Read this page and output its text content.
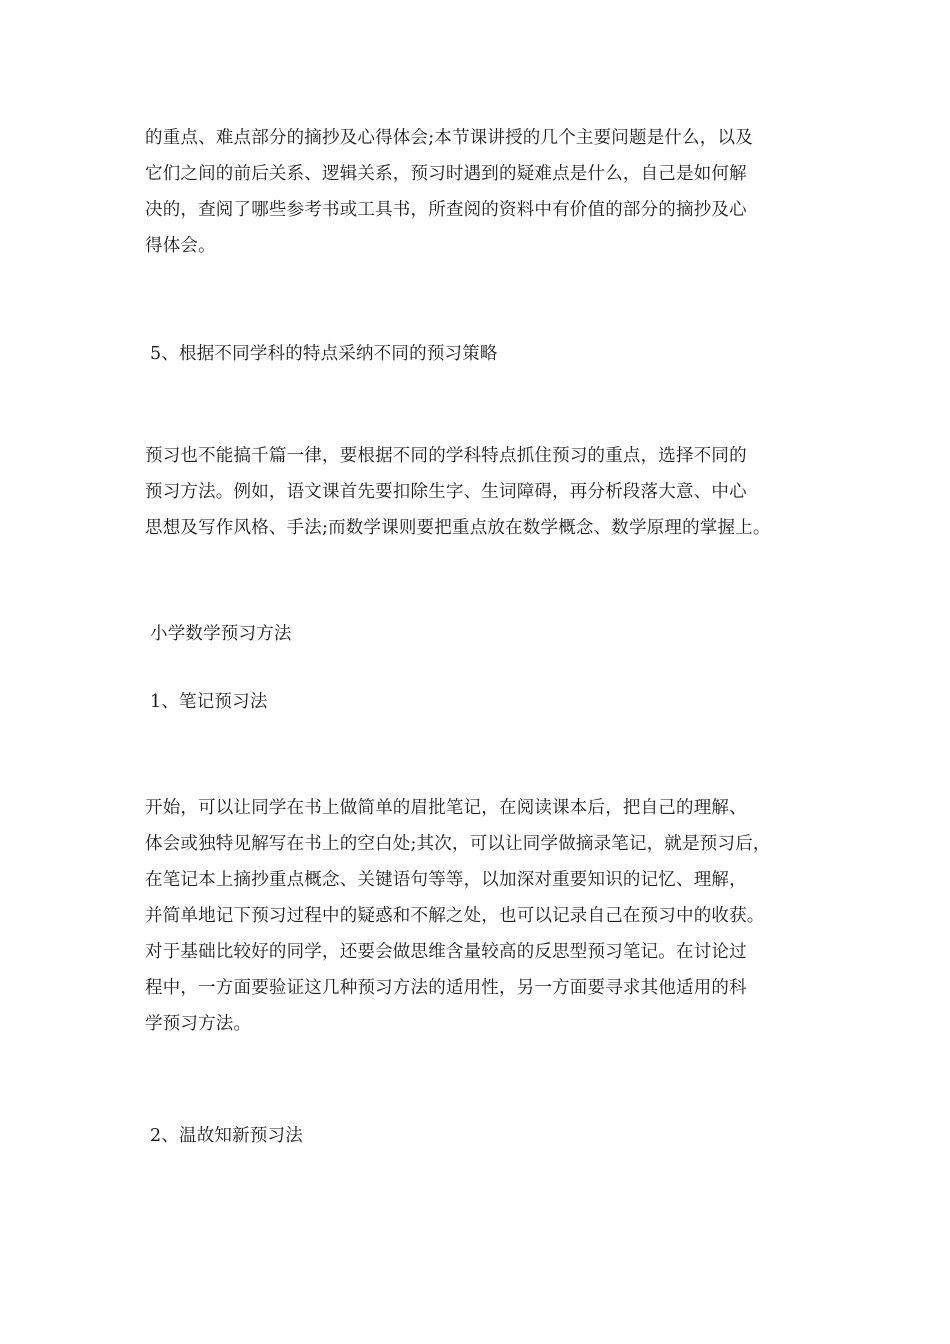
的重点、难点部分的摘抄及心得体会;本节课讲授的几个主要问题是什么，以及
它们之间的前后关系、逻辑关系，预习时遇到的疑难点是什么，自己是如何解
决的，查阅了哪些参考书或工具书，所查阅的资料中有价值的部分的摘抄及心
得体会。
5、根据不同学科的特点采纳不同的预习策略
预习也不能搞千篇一律，要根据不同的学科特点抓住预习的重点，选择不同的
预习方法。例如，语文课首先要扣除生字、生词障碍，再分析段落大意、中心
思想及写作风格、手法;而数学课则要把重点放在数学概念、数学原理的掌握上。
小学数学预习方法
1、笔记预习法
开始，可以让同学在书上做简单的眉批笔记，在阅读课本后，把自己的理解、
体会或独特见解写在书上的空白处;其次，可以让同学做摘录笔记，就是预习后，
在笔记本上摘抄重点概念、关键语句等等，以加深对重要知识的记忆、理解，
并简单地记下预习过程中的疑惑和不解之处，也可以记录自己在预习中的收获。
对于基础比较好的同学，还要会做思维含量较高的反思型预习笔记。在讨论过
程中，一方面要验证这几种预习方法的适用性，另一方面要寻求其他适用的科
学预习方法。
2、温故知新预习法
